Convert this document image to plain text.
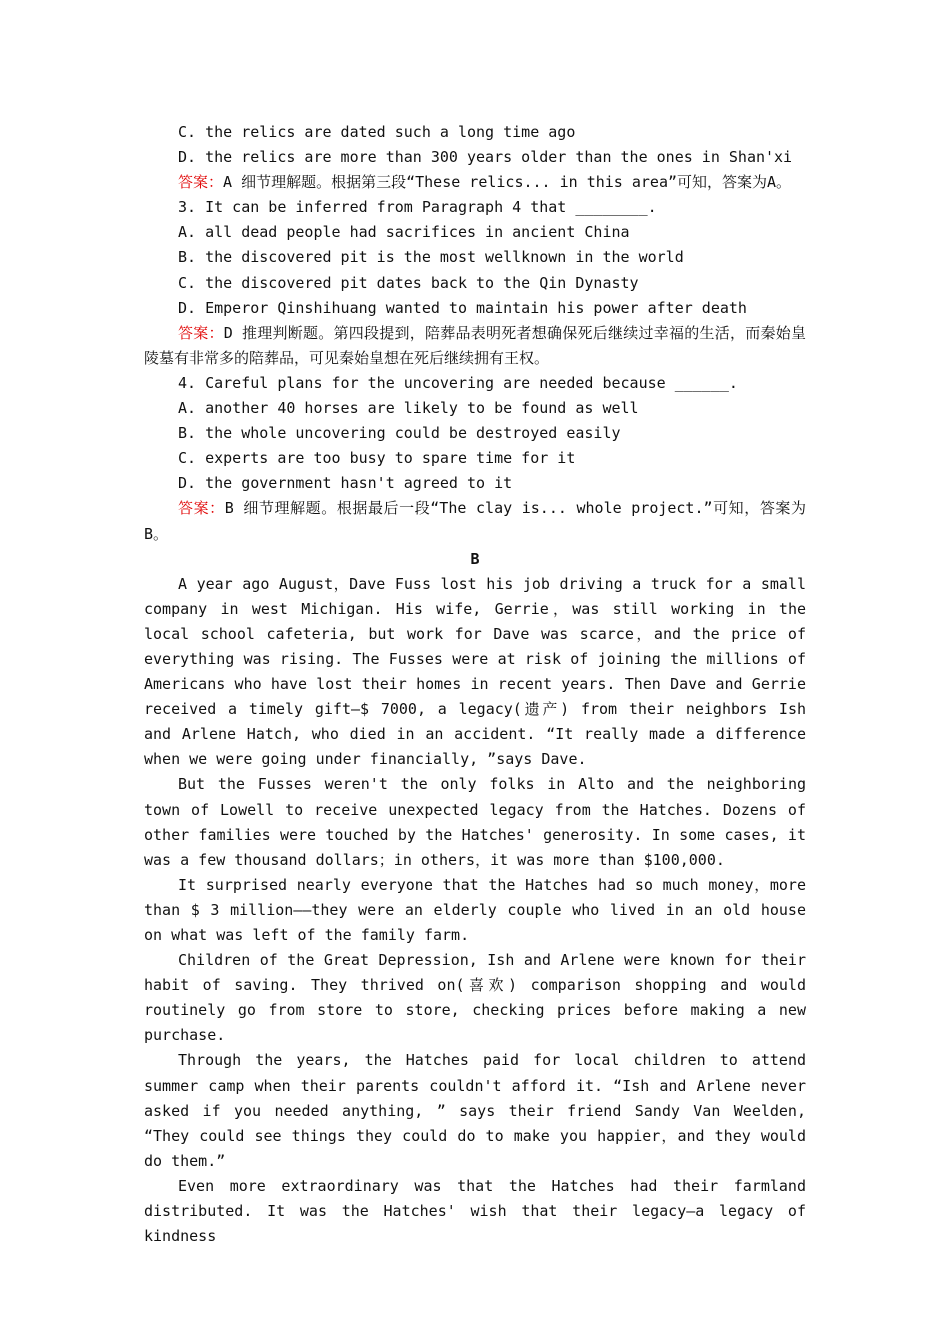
C. the relics are dated such a long time ago
D. the relics are more than 300 years older than the ones in Shan'xi
答案：A 细节理解题。根据第三段“These relics... in this area”可知，答案为A。
3. It can be inferred from Paragraph 4 that ________.
A. all dead people had sacrifices in ancient China
B. the discovered pit is the most wellknown in the world
C. the discovered pit dates back to the Qin Dynasty
D. Emperor Qinshihuang wanted to maintain his power after death
答案：D 推理判断题。第四段提到，陪葬品表明死者想确保死后继续过幸福的生活，而秦始皇陵墓有非常多的陪葬品，可见秦始皇想在死后继续拥有王权。
4. Careful plans for the uncovering are needed because ______.
A. another 40 horses are likely to be found as well
B. the whole uncovering could be destroyed easily
C. experts are too busy to spare time for it
D. the government hasn't agreed to it
答案：B 细节理解题。根据最后一段“The clay is... whole project.”可知，答案为B。
B
A year ago August，Dave Fuss lost his job driving a truck for a small company in west Michigan. His wife, Gerrie，was still working in the local school cafeteria, but work for Dave was scarce，and the price of everything was rising. The Fusses were at risk of joining the millions of Americans who have lost their homes in recent years. Then Dave and Gerrie received a timely gift—$ 7000, a legacy(遗产) from their neighbors Ish and Arlene Hatch, who died in an accident. “It really made a difference when we were going under financially, ”says Dave.
But the Fusses weren't the only folks in Alto and the neighboring town of Lowell to receive unexpected legacy from the Hatches. Dozens of other families were touched by the Hatches' generosity. In some cases, it was a few thousand dollars；in others，it was more than $100,000.
It surprised nearly everyone that the Hatches had so much money，more than $ 3 million——they were an elderly couple who lived in an old house on what was left of the family farm.
Children of the Great Depression, Ish and Arlene were known for their habit of saving. They thrived on(喜欢) comparison shopping and would routinely go from store to store, checking prices before making a new purchase.
Through the years, the Hatches paid for local children to attend summer camp when their parents couldn't afford it. “Ish and Arlene never asked if you needed anything, ” says their friend Sandy Van Weelden, “They could see things they could do to make you happier，and they would do them.”
Even more extraordinary was that the Hatches had their farmland distributed. It was the Hatches' wish that their legacy—a legacy of kindness
